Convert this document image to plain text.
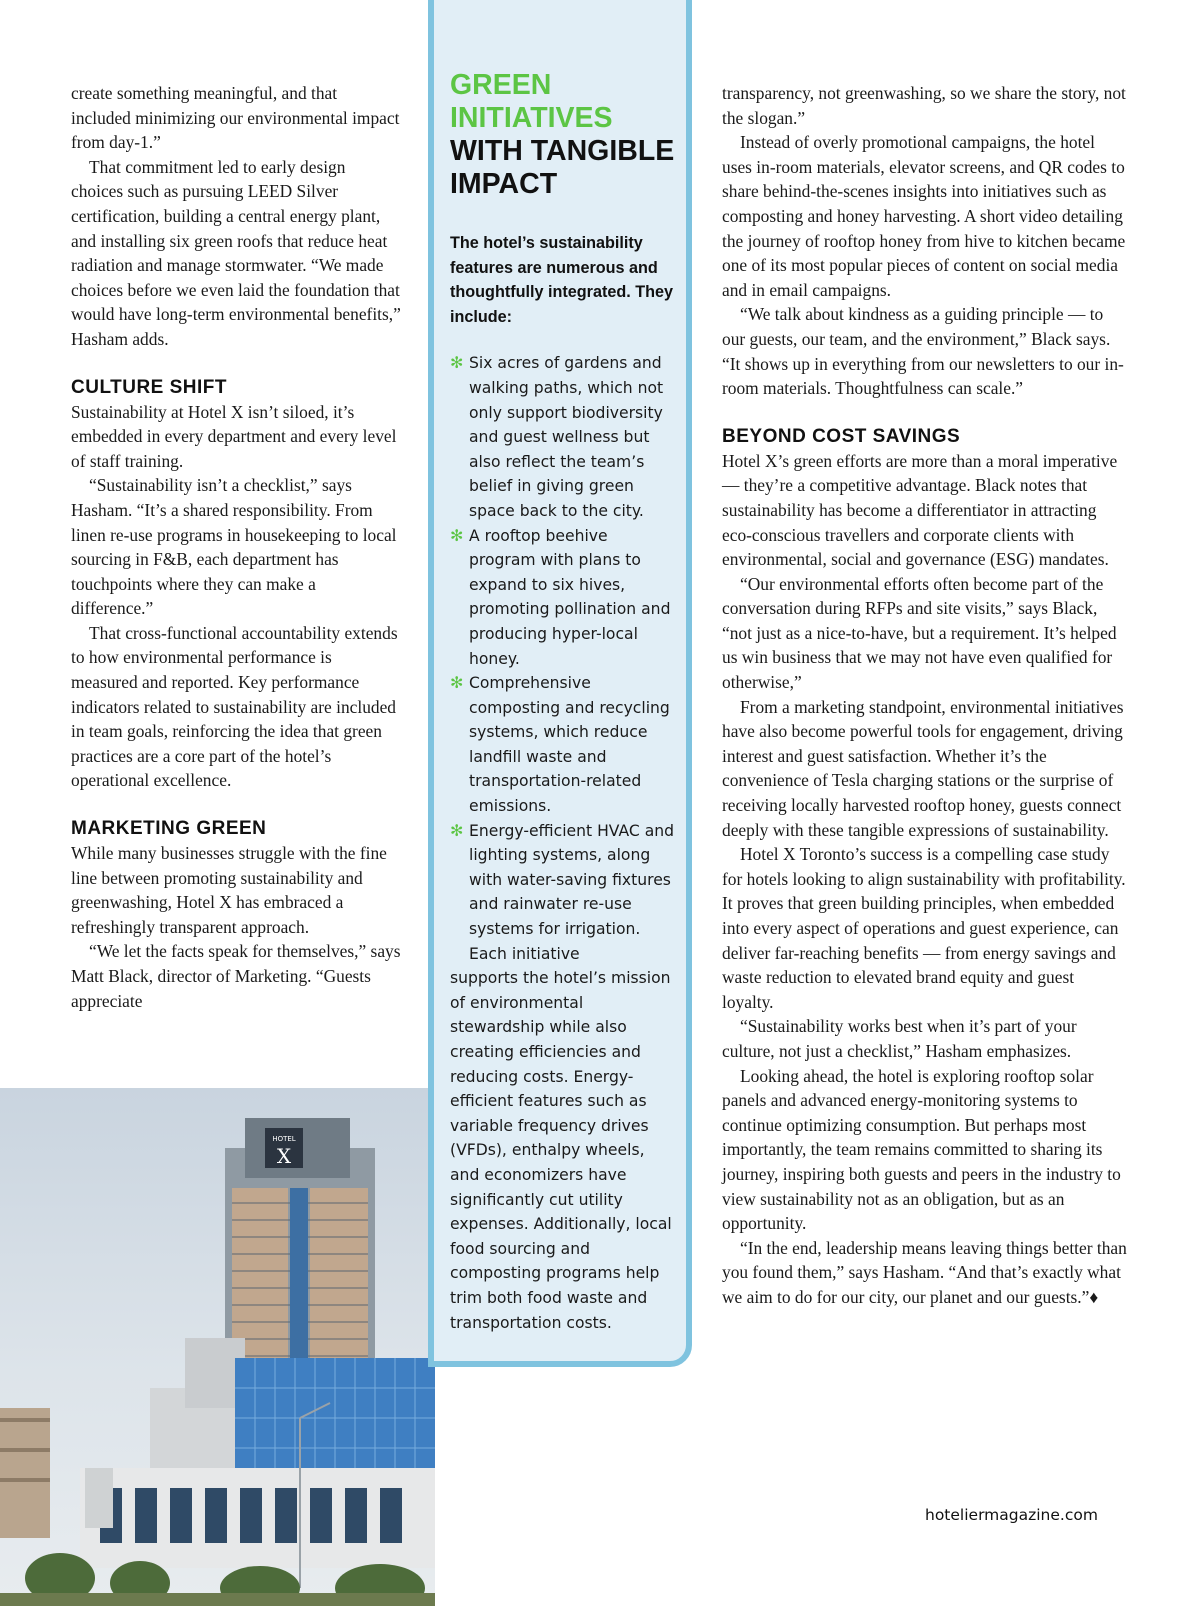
create something meaningful, and that included minimizing our environmental impact from day-1.”

That commitment led to early design choices such as pursuing LEED Silver certification, building a central energy plant, and installing six green roofs that reduce heat radiation and manage stormwater. “We made choices before we even laid the foundation that would have long-term environmental benefits,” Hasham adds.

CULTURE SHIFT

Sustainability at Hotel X isn’t siloed, it’s embedded in every department and every level of staff training.

“Sustainability isn’t a checklist,” says Hasham. “It’s a shared responsibility. From linen re-use programs in housekeeping to local sourcing in F&B, each department has touchpoints where they can make a difference.”

That cross-functional accountability extends to how environmental performance is measured and reported. Key performance indicators related to sustainability are included in team goals, reinforcing the idea that green practices are a core part of the hotel’s operational excellence.

MARKETING GREEN

While many businesses struggle with the fine line between promoting sustainability and greenwashing, Hotel X has embraced a refreshingly transparent approach.

“We let the facts speak for themselves,” says Matt Black, director of Marketing. “Guests appreciate

HOTEL
X
GREEN
INITIATIVES
WITH TANGIBLE
IMPACT

The hotel’s sustainability features are numerous and thoughtfully integrated. They include:

✻ Six acres of gardens and walking paths, which not only support biodiversity and guest wellness but also reflect the team’s belief in giving green space back to the city.
✻ A rooftop beehive program with plans to expand to six hives, promoting pollination and producing hyper-local honey.
✻ Comprehensive composting and recycling systems, which reduce landfill waste and transportation-related emissions.
✻ Energy-efficient HVAC and lighting systems, along with water-saving fixtures and rainwater re-use systems for irrigation.

Each initiative
supports the hotel’s mission of environmental stewardship while also creating efficiencies and reducing costs. Energy-efficient features such as variable frequency drives (VFDs), enthalpy wheels, and economizers have significantly cut utility expenses. Additionally, local food sourcing and composting programs help trim both food waste and transportation costs.

transparency, not greenwashing, so we share the story, not the slogan.”

Instead of overly promotional campaigns, the hotel uses in-room materials, elevator screens, and QR codes to share behind-the-scenes insights into initiatives such as composting and honey harvesting. A short video detailing the journey of rooftop honey from hive to kitchen became one of its most popular pieces of content on social media and in email campaigns.

“We talk about kindness as a guiding principle — to our guests, our team, and the environment,” Black says. “It shows up in everything from our newsletters to our in-room materials. Thoughtfulness can scale.”

BEYOND COST SAVINGS

Hotel X’s green efforts are more than a moral imperative — they’re a competitive advantage. Black notes that sustainability has become a differentiator in attracting eco-conscious travellers and corporate clients with environmental, social and governance (ESG) mandates.

“Our environmental efforts often become part of the conversation during RFPs and site visits,” says Black, “not just as a nice-to-have, but a requirement. It’s helped us win business that we may not have even qualified for otherwise,”

From a marketing standpoint, environmental initiatives have also become powerful tools for engagement, driving interest and guest satisfaction. Whether it’s the convenience of Tesla charging stations or the surprise of receiving locally harvested rooftop honey, guests connect deeply with these tangible expressions of sustainability.

Hotel X Toronto’s success is a compelling case study for hotels looking to align sustainability with profitability. It proves that green building principles, when embedded into every aspect of operations and guest experience, can deliver far-reaching benefits — from energy savings and waste reduction to elevated brand equity and guest loyalty.

“Sustainability works best when it’s part of your culture, not just a checklist,” Hasham emphasizes.

Looking ahead, the hotel is exploring rooftop solar panels and advanced energy-monitoring systems to continue optimizing consumption. But perhaps most importantly, the team remains committed to sharing its journey, inspiring both guests and peers in the industry to view sustainability not as an obligation, but as an opportunity.

“In the end, leadership means leaving things better than you found them,” says Hasham. “And that’s exactly what we aim to do for our city, our planet and our guests.”♦

hoteliermagazine.com
